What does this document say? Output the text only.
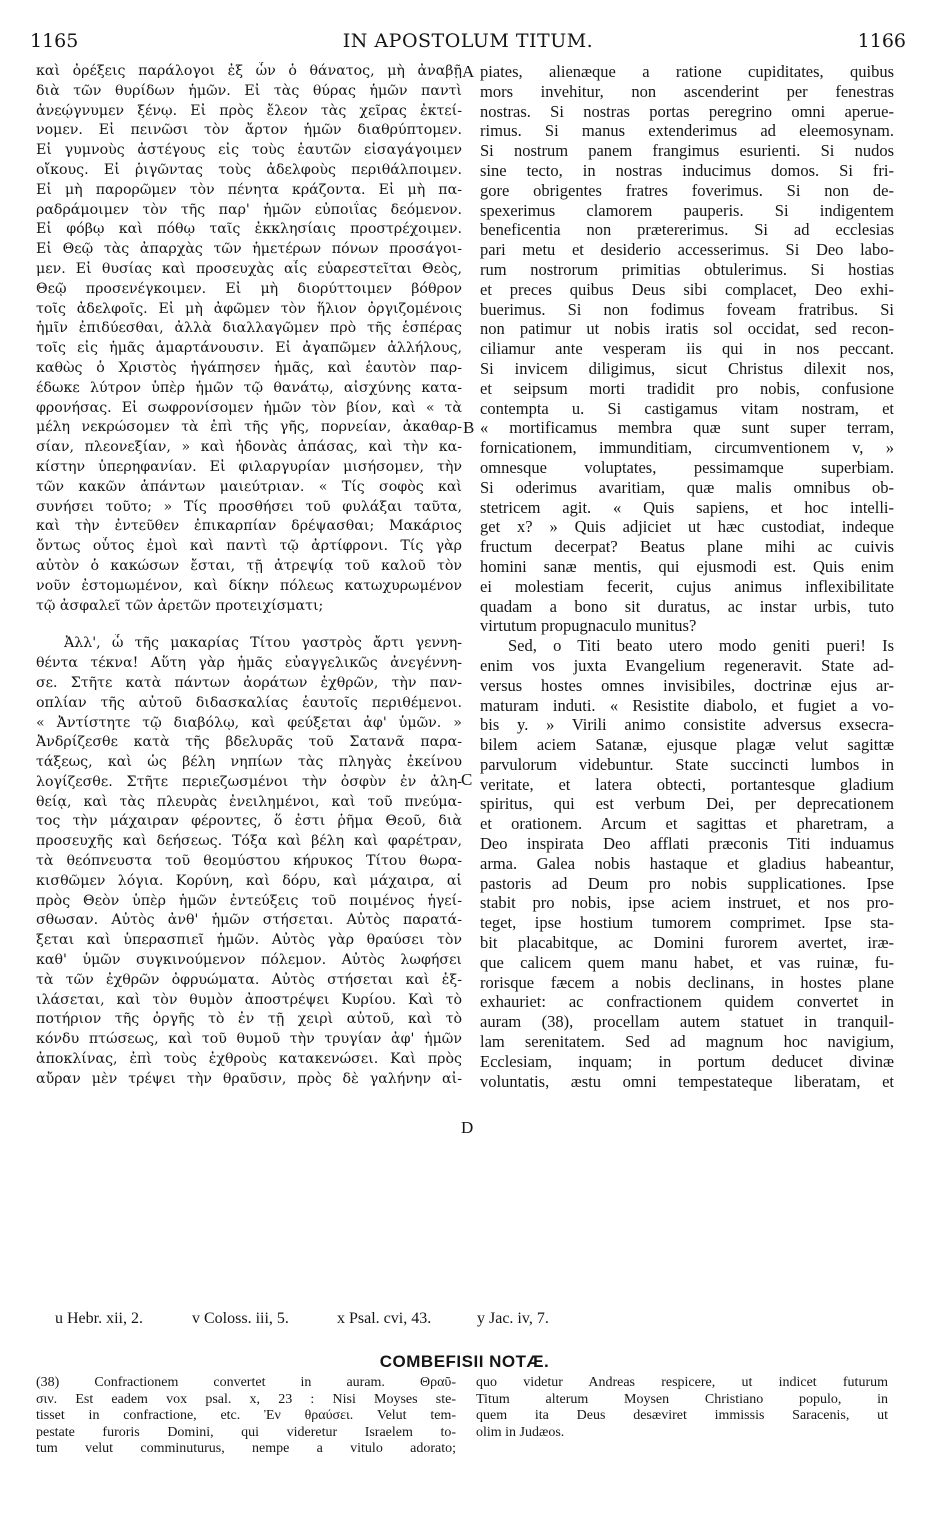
1165	IN APOSTOLUM TITUM.	1166
καὶ ὀρέξεις παράλογοι ἐξ ὧν ὁ θάνατος, μὴ ἀναβῇ
διὰ τῶν θυρίδων ἡμῶν. Εἰ τὰς θύρας ἡμῶν παντὶ
ἀνεῴγνυμεν ξένῳ. Εἰ πρὸς ἔλεον τὰς χεῖρας ἐκτεί-
νομεν. Εἰ πεινῶσι τὸν ἄρτον ἡμῶν διαθρύπτομεν.
Εἰ γυμνοὺς ἀστέγους εἰς τοὺς ἑαυτῶν εἰσαγάγοιμεν
οἴκους. Εἰ ῥιγῶντας τοὺς ἀδελφοὺς περιθάλποιμεν.
Εἰ μὴ παρορῶμεν τὸν πένητα κράζοντα. Εἰ μὴ πα-
ραδράμοιμεν τὸν τῆς παρ' ἡμῶν εὐποιΐας δεόμενον.
Εἰ φόβῳ καὶ πόθῳ ταῖς ἐκκλησίαις προστρέχοιμεν.
Εἰ Θεῷ τὰς ἀπαρχὰς τῶν ἡμετέρων πόνων προσάγοι-
μεν. Εἰ θυσίας καὶ προσευχὰς αἷς εὐαρεστεῖται Θεὸς,
Θεῷ προσενέγκοιμεν. Εἰ μὴ διορύττοιμεν βόθρον
τοῖς ἀδελφοῖς. Εἰ μὴ ἀφῶμεν τὸν ἥλιον ὀργιζομένοις
ἡμῖν ἐπιδύεσθαι, ἀλλὰ διαλλαγῶμεν πρὸ τῆς ἑσπέρας
τοῖς εἰς ἡμᾶς ἁμαρτάνουσιν. Εἰ ἀγαπῶμεν ἀλλήλους,
καθὼς ὁ Χριστὸς ἠγάπησεν ἡμᾶς, καὶ ἑαυτὸν παρ-
έδωκε λύτρον ὑπὲρ ἡμῶν τῷ θανάτῳ, αἰσχύνης κατα-
φρονήσας. Εἰ σωφρονίσομεν ἡμῶν τὸν βίον, καὶ « τὰ
μέλη νεκρώσομεν τὰ ἐπὶ τῆς γῆς, πορνείαν, ἀκαθαρ-
σίαν, πλεονεξίαν, » καὶ ἡδονὰς ἁπάσας, καὶ τὴν κα-
κίστην ὑπερηφανίαν. Εἰ φιλαργυρίαν μισήσομεν, τὴν
τῶν κακῶν ἁπάντων μαιεύτριαν. « Τίς σοφὸς καὶ
συνήσει τοῦτο; » Τίς προσθήσει τοῦ φυλάξαι ταῦτα,
καὶ τὴν ἐντεῦθεν ἐπικαρπίαν δρέψασθαι; Μακάριος
ὄντως οὗτος ἐμοὶ καὶ παντὶ τῷ ἀρτίφρονι. Τίς γὰρ
αὐτὸν ὁ κακώσων ἔσται, τῇ ἀτρεψίᾳ τοῦ καλοῦ τὸν
νοῦν ἐστομωμένον, καὶ δίκην πόλεως κατωχυρωμένον
τῷ ἀσφαλεῖ τῶν ἀρετῶν προτειχίσματι;
Ἀλλ', ὦ τῆς μακαρίας Τίτου γαστρὸς ἄρτι γεννη-
θέντα τέκνα! Αὕτη γὰρ ἡμᾶς εὐαγγελικῶς ἀνεγέννη-
σε. Στῆτε κατὰ πάντων ἀοράτων ἐχθρῶν, τὴν παν-
οπλίαν τῆς αὐτοῦ διδασκαλίας ἑαυτοῖς περιθέμενοι.
« Ἀντίστητε τῷ διαβόλῳ, καὶ φεύξεται ἀφ' ὑμῶν. »
Ἀνδρίζεσθε κατὰ τῆς βδελυρᾶς τοῦ Σατανᾶ παρα-
τάξεως, καὶ ὡς βέλη νηπίων τὰς πληγὰς ἐκείνου
λογίζεσθε. Στῆτε περιεζωσμένοι τὴν ὀσφὺν ἐν ἀλη-
θείᾳ, καὶ τὰς πλευρὰς ἐνειλημένοι, καὶ τοῦ πνεύμα-
τος τὴν μάχαιραν φέροντες, ὅ ἐστι ῥῆμα Θεοῦ, διὰ
προσευχῆς καὶ δεήσεως. Τόξα καὶ βέλη καὶ φαρέτραν,
τὰ θεόπνευστα τοῦ θεομύστου κήρυκος Τίτου θωρα-
κισθῶμεν λόγια. Κορύνη, καὶ δόρυ, καὶ μάχαιρα, αἱ
πρὸς Θεὸν ὑπὲρ ἡμῶν ἐντεύξεις τοῦ ποιμένος ἡγεί-
σθωσαν. Αὐτὸς ἀνθ' ἡμῶν στήσεται. Αὐτὸς παρατά-
ξεται καὶ ὑπερασπιεῖ ἡμῶν. Αὐτὸς γὰρ θραύσει τὸν
καθ' ὑμῶν συγκινούμενον πόλεμον. Αὐτὸς λωφήσει
τὰ τῶν ἐχθρῶν ὀφρυώματα. Αὐτὸς στήσεται καὶ ἐξ-
ιλάσεται, καὶ τὸν θυμὸν ἀποστρέψει Κυρίου. Καὶ τὸ
ποτήριον τῆς ὀργῆς τὸ ἐν τῇ χειρὶ αὐτοῦ, καὶ τὸ
κόνδυ πτώσεως, καὶ τοῦ θυμοῦ τὴν τρυγίαν ἀφ' ἡμῶν
ἀποκλίνας, ἐπὶ τοὺς ἐχθροὺς κατακενώσει. Καὶ πρὸς
αὔραν μὲν τρέψει τὴν θραῦσιν, πρὸς δὲ γαλήνην αἰ-
piates, alienæque a ratione cupiditates, quibus
mors invehitur, non ascenderint per fenestras
nostras. Si nostras portas peregrino omni aperue-
rimus. Si manus extenderimus ad eleemosynam.
Si nostrum panem frangimus esurienti. Si nudos
sine tecto, in nostras inducimus domos. Si fri-
gore obrigentes fratres foverimus. Si non de-
spexerimus clamorem pauperis. Si indigentem
beneficentia non prætererimus. Si ad ecclesias
pari metu et desiderio accesserimus. Si Deo labo-
rum nostrorum primitias obtulerimus. Si hostias
et preces quibus Deus sibi complacet, Deo exhi-
buerimus. Si non fodimus foveam fratribus. Si
non patimur ut nobis iratis sol occidat, sed recon-
ciliamur ante vesperam iis qui in nos peccant.
Si invicem diligimus, sicut Christus dilexit nos,
et seipsum morti tradidit pro nobis, confusione
contempta u. Si castigamus vitam nostram, et
« mortificamus membra quæ sunt super terram,
fornicationem, immunditiam, circumventionem v, »
omnesque voluptates, pessimamque superbiam.
Si oderimus avaritiam, quæ malis omnibus ob-
stetricem agit. « Quis sapiens, et hoc intelli-
get x? » Quis adjiciet ut hæc custodiat, indeque
fructum decerpat? Beatus plane mihi ac cuivis
homini sanæ mentis, qui ejusmodi est. Quis enim
ei molestiam fecerit, cujus animus inflexibilitate
quadam a bono sit duratus, ac instar urbis, tuto
virtutum propugnaculo munitus?
Sed, o Titi beato utero modo geniti pueri! Is
enim vos juxta Evangelium regeneravit. State ad-
versus hostes omnes invisibiles, doctrinæ ejus ar-
maturam induti. « Resistite diabolo, et fugiet a vo-
bis y. » Virili animo consistite adversus exsecra-
bilem aciem Satanæ, ejusque plagæ velut sagittæ
parvulorum videbuntur. State succincti lumbos in
veritate, et latera obtecti, portantesque gladium
spiritus, qui est verbum Dei, per deprecationem
et orationem. Arcum et sagittas et pharetram, a
Deo inspirata Deo afflati præconis Titi induamus
arma. Galea nobis hastaque et gladius habeantur,
pastoris ad Deum pro nobis supplicationes. Ipse
stabit pro nobis, ipse aciem instruet, et nos pro-
teget, ipse hostium tumorem comprimet. Ipse sta-
bit placabitque, ac Domini furorem avertet, iræ-
que calicem quem manu habet, et vas ruinæ, fu-
rorisque fæcem a nobis declinans, in hostes plane
exhauriet: ac confractionem quidem convertet in
auram (38), procellam autem statuet in tranquil-
lam serenitatem. Sed ad magnum hoc navigium,
Ecclesiam, inquam; in portum deducet divinæ
voluntatis, æstu omni tempestateque liberatam, et
A
B
C
D
u Hebr. xii, 2.	v Coloss. iii, 5.	x Psal. cvi, 43.	y Jac. iv, 7.
COMBEFISII NOTÆ.
(38) Confractionem convertet in auram. Θραῦ-
σιν. Est eadem vox psal. x, 23 : Nisi Moyses ste-
tisset in confractione, etc. Ἐν θραύσει. Velut tem-
pestate furoris Domini, qui videretur Israelem to-
tum velut comminuturus, nempe a vitulo adorato;
quo videtur Andreas respicere, ut indicet futurum
Titum alterum Moysen Christiano populo, in
quem ita Deus desæviret immissis Saracenis, ut
olim in Judæos.
